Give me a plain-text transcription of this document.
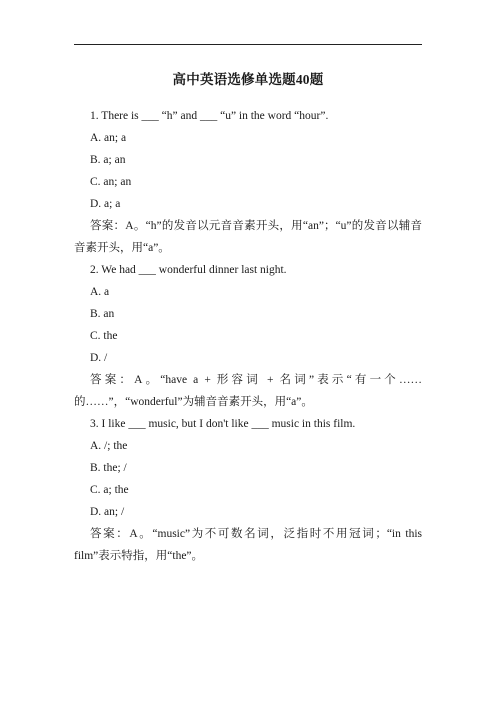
高中英语选修单选题40题
1. There is ___ “h” and ___ “u” in the word “hour”.
A. an; a
B. a; an
C. an; an
D. a; a
答案：A。“h”的发音以元音音素开头，用“an”；“u”的发音以辅音音素开头，用“a”。
2. We had ___ wonderful dinner last night.
A. a
B. an
C. the
D. /
答案：A。“have a + 形容词 + 名词”表示“有一个……的……”，“wonderful”为辅音音素开头，用“a”。
3. I like ___ music, but I don't like ___ music in this film.
A. /; the
B. the; /
C. a; the
D. an; /
答案：A。“music”为不可数名词，泛指时不用冠词；“in this film”表示特指，用“the”。
